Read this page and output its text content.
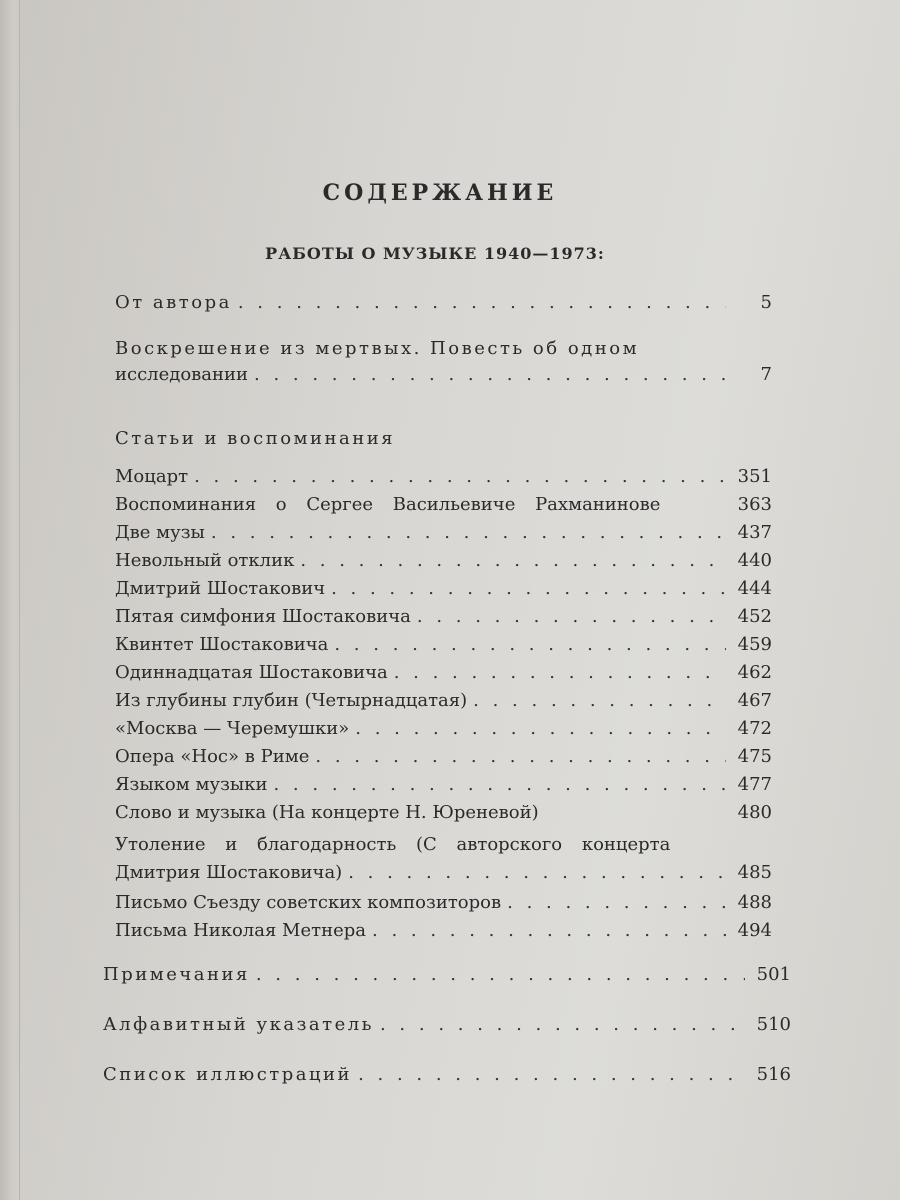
СОДЕРЖАНИЕ
РАБОТЫ О МУЗЫКЕ 1940—1973:
От автора . . .	5
Воскрешение из мертвых. Повесть об одном
исследовании . . .	7
Статьи и воспоминания
Моцарт . . .	351
Воспоминания о Сергее Васильевиче Рахманинове	363
Две музы . . .	437
Невольный отклик . . .	440
Дмитрий Шостакович . . .	444
Пятая симфония Шостаковича . . .	452
Квинтет Шостаковича . . .	459
Одиннадцатая Шостаковича . . .	462
Из глубины глубин (Четырнадцатая) . . .	467
«Москва — Черемушки» . . .	472
Опера «Нос» в Риме . . .	475
Языком музыки . . .	477
Слово и музыка (На концерте Н. Юреневой)	480
Утоление и благодарность (С авторского концерта
Дмитрия Шостаковича) . . .	485
Письмо Съезду советских композиторов . . .	488
Письма Николая Метнера . . .	494
Примечания . . .	501
Алфавитный указатель . . .	510
Список иллюстраций . . .	516
